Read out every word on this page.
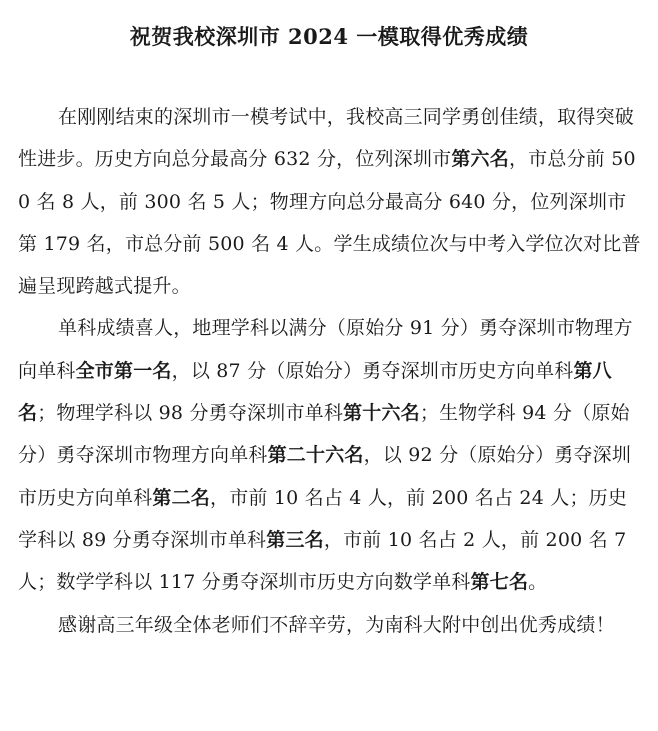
祝贺我校深圳市 2024 一模取得优秀成绩

在刚刚结束的深圳市一模考试中，我校高三同学勇创佳绩，取得突破性进步。历史方向总分最高分 632 分，位列深圳市第六名，市总分前 500 名 8 人，前 300 名 5 人；物理方向总分最高分 640 分，位列深圳市第 179 名，市总分前 500 名 4 人。学生成绩位次与中考入学位次对比普遍呈现跨越式提升。

单科成绩喜人，地理学科以满分（原始分 91 分）勇夺深圳市物理方向单科全市第一名，以 87 分（原始分）勇夺深圳市历史方向单科第八名；物理学科以 98 分勇夺深圳市单科第十六名；生物学科 94 分（原始分）勇夺深圳市物理方向单科第二十六名，以 92 分（原始分）勇夺深圳市历史方向单科第二名，市前 10 名占 4 人，前 200 名占 24 人；历史学科以 89 分勇夺深圳市单科第三名，市前 10 名占 2 人，前 200 名 7 人；数学学科以 117 分勇夺深圳市历史方向数学单科第七名。

感谢高三年级全体老师们不辞辛劳，为南科大附中创出优秀成绩！
